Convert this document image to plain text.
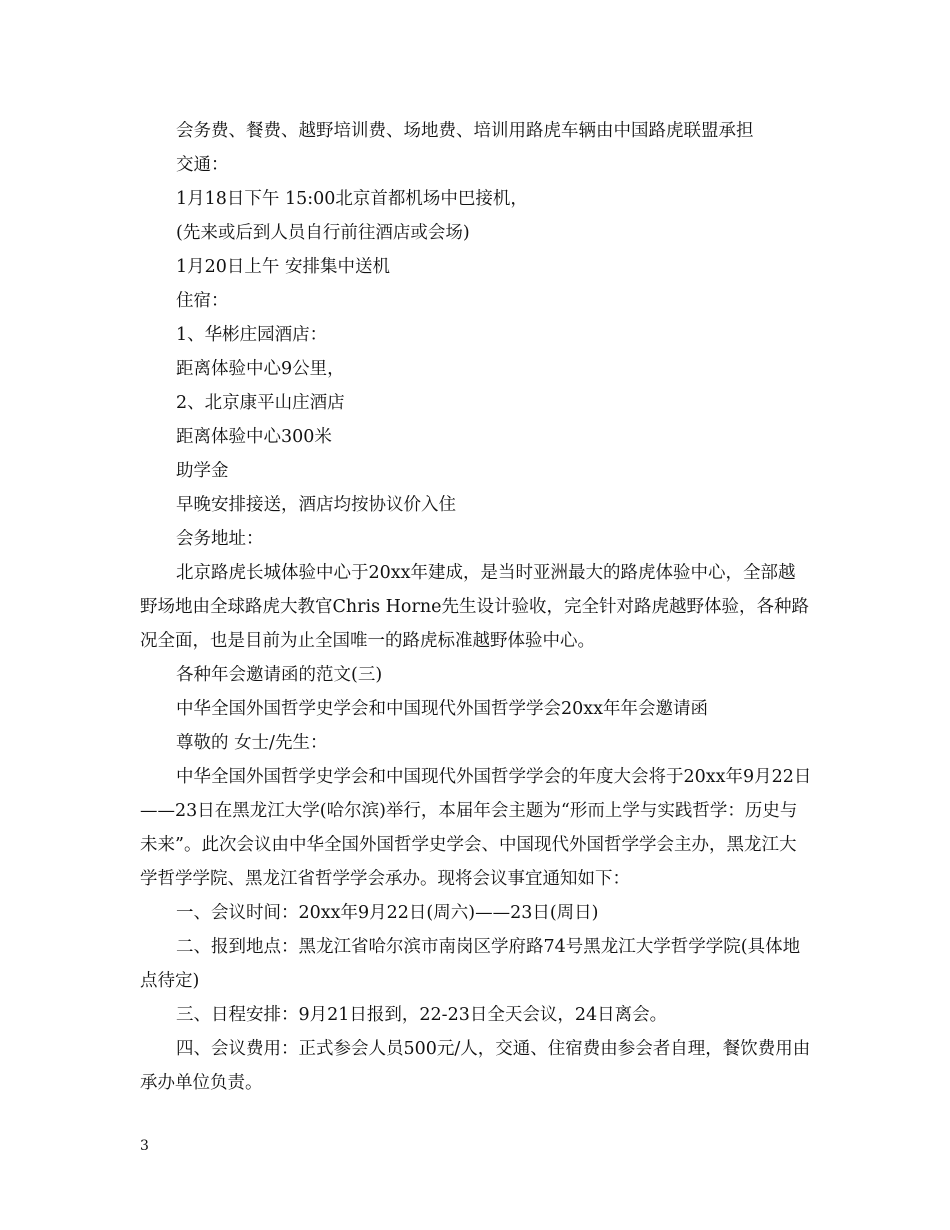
会务费、餐费、越野培训费、场地费、培训用路虎车辆由中国路虎联盟承担

交通：

1月18日下午 15:00北京首都机场中巴接机，

(先来或后到人员自行前往酒店或会场)

1月20日上午 安排集中送机

住宿：

1、华彬庄园酒店：

距离体验中心9公里，

2、北京康平山庄酒店

距离体验中心300米

助学金

早晚安排接送，酒店均按协议价入住

会务地址：

北京路虎长城体验中心于20xx年建成，是当时亚洲最大的路虎体验中心，全部越野场地由全球路虎大教官Chris Horne先生设计验收，完全针对路虎越野体验，各种路况全面，也是目前为止全国唯一的路虎标准越野体验中心。

各种年会邀请函的范文(三)

中华全国外国哲学史学会和中国现代外国哲学学会20xx年年会邀请函

尊敬的 女士/先生：

中华全国外国哲学史学会和中国现代外国哲学学会的年度大会将于20xx年9月22日——23日在黑龙江大学(哈尔滨)举行，本届年会主题为“形而上学与实践哲学：历史与未来”。此次会议由中华全国外国哲学史学会、中国现代外国哲学学会主办，黑龙江大学哲学学院、黑龙江省哲学学会承办。现将会议事宜通知如下：

一、会议时间：20xx年9月22日(周六)——23日(周日)

二、报到地点：黑龙江省哈尔滨市南岗区学府路74号黑龙江大学哲学学院(具体地点待定)

三、日程安排：9月21日报到，22-23日全天会议，24日离会。

四、会议费用：正式参会人员500元/人，交通、住宿费由参会者自理，餐饮费用由承办单位负责。

3
